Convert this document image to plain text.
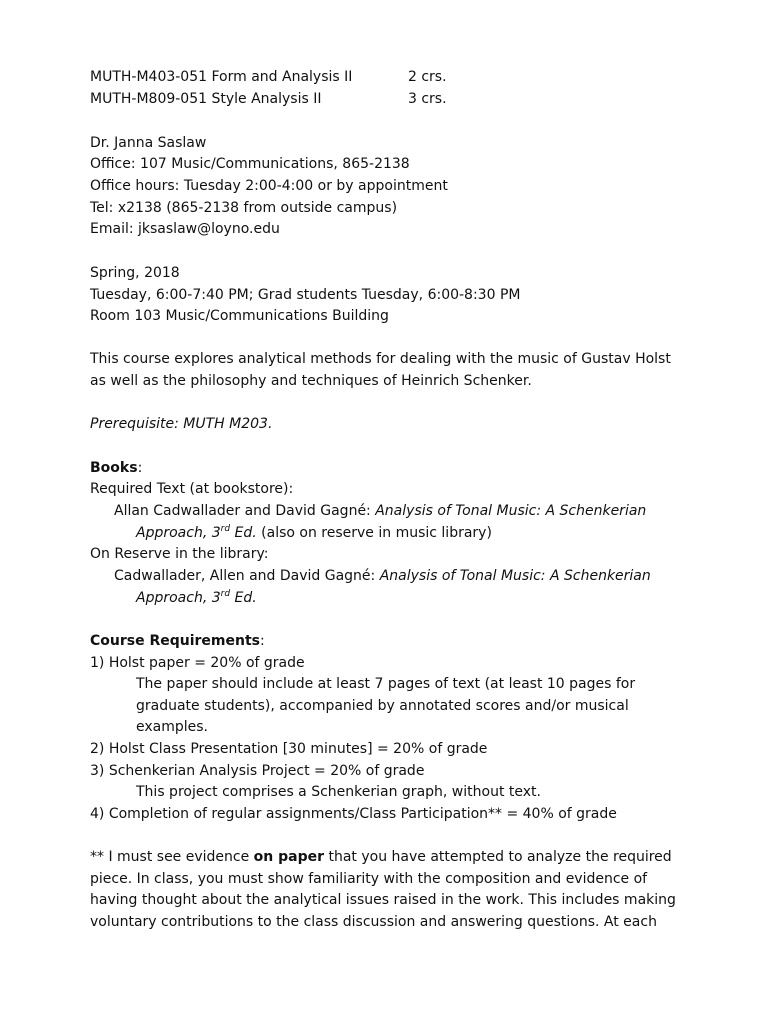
MUTH-M403-051 Form and Analysis II	2 crs.
MUTH-M809-051 Style Analysis II	3 crs.
Dr. Janna Saslaw
Office: 107 Music/Communications, 865-2138
Office hours: Tuesday 2:00-4:00 or by appointment
Tel: x2138 (865-2138 from outside campus)
Email: jksaslaw@loyno.edu
Spring, 2018
Tuesday, 6:00-7:40 PM; Grad students Tuesday, 6:00-8:30 PM
Room 103 Music/Communications Building
This course explores analytical methods for dealing with the music of Gustav Holst
as well as the philosophy and techniques of Heinrich Schenker.
Prerequisite: MUTH M203.
Books:
Required Text (at bookstore):
Allan Cadwallader and David Gagné: Analysis of Tonal Music: A Schenkerian
Approach, 3rd Ed. (also on reserve in music library)
On Reserve in the library:
Cadwallader, Allen and David Gagné: Analysis of Tonal Music: A Schenkerian
Approach, 3rd Ed.
Course Requirements:
1) Holst paper = 20% of grade
The paper should include at least 7 pages of text (at least 10 pages for
graduate students), accompanied by annotated scores and/or musical
examples.
2) Holst Class Presentation [30 minutes] = 20% of grade
3) Schenkerian Analysis Project = 20% of grade
This project comprises a Schenkerian graph, without text.
4) Completion of regular assignments/Class Participation** = 40% of grade
** I must see evidence on paper that you have attempted to analyze the required
piece. In class, you must show familiarity with the composition and evidence of
having thought about the analytical issues raised in the work. This includes making
voluntary contributions to the class discussion and answering questions. At each
